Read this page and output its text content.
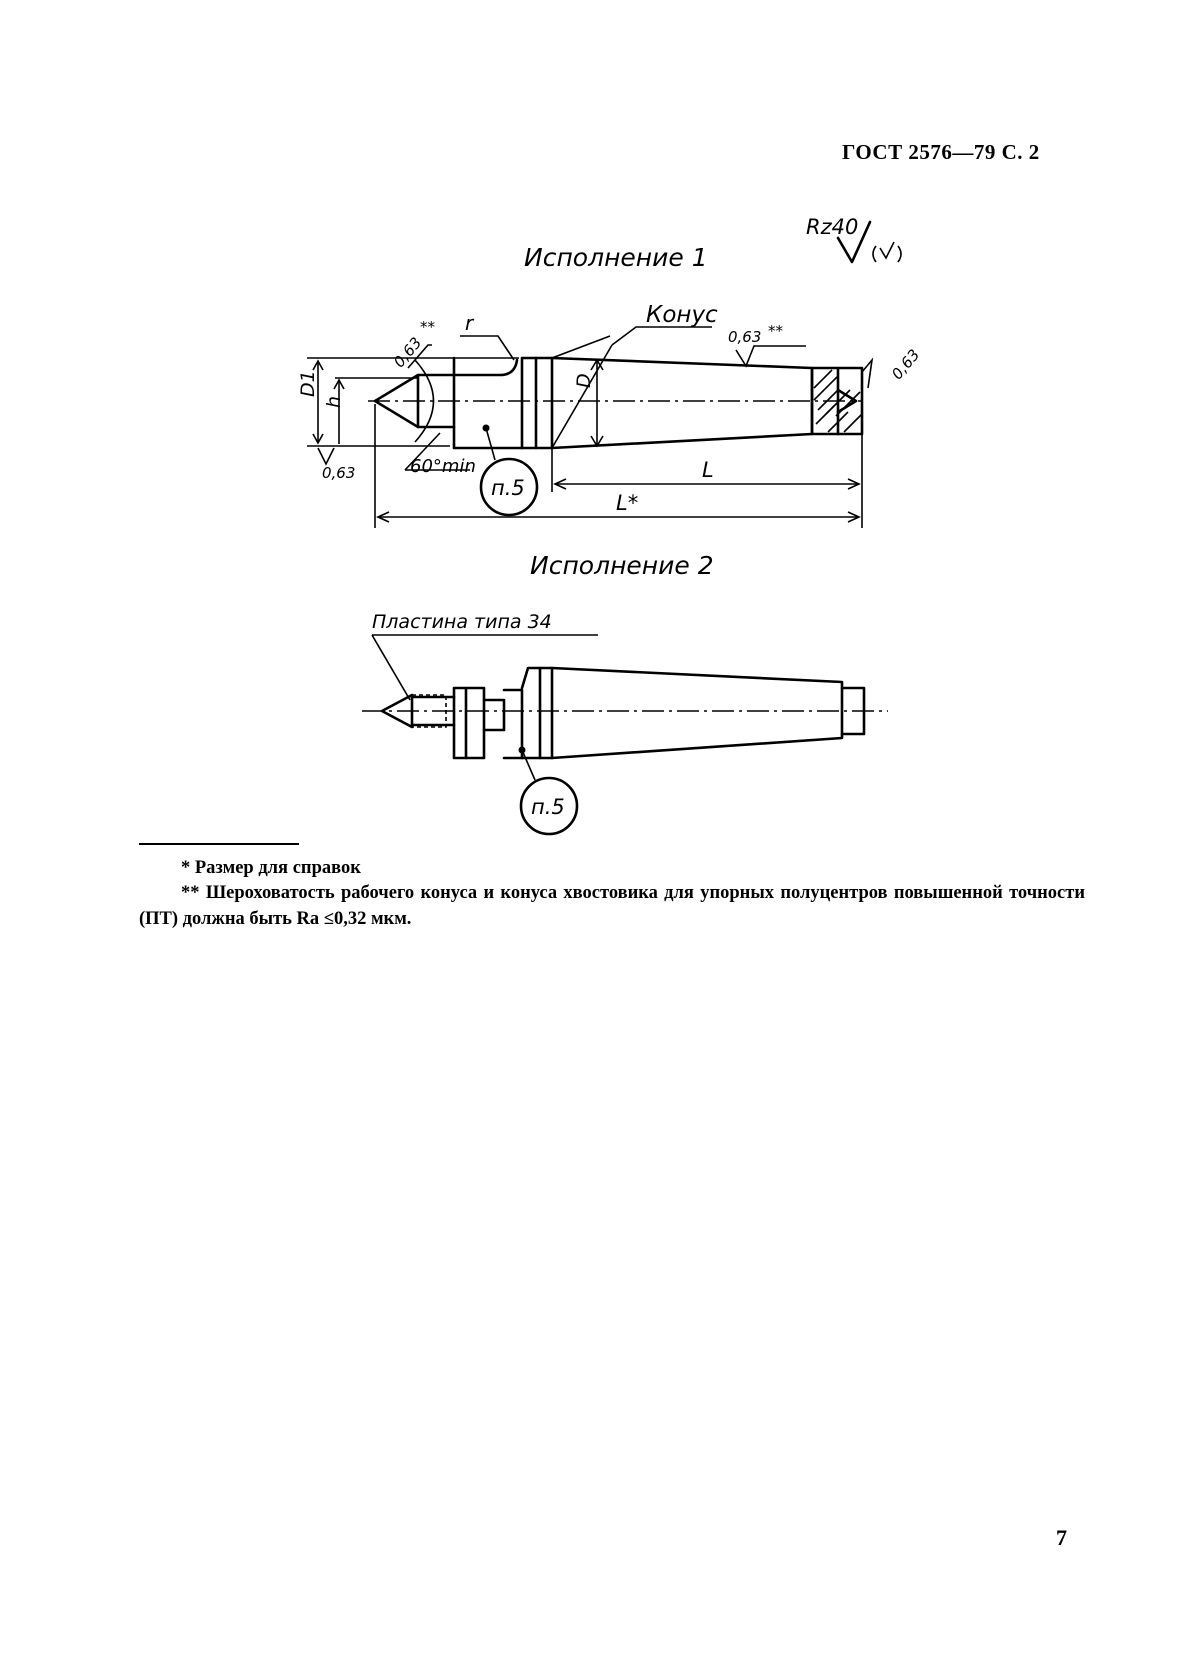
ГОСТ 2576—79 С. 2
Исполнение 1
Rz40
Конус
r
0,63 **
0,63
**
0,63
0,63
D1
h
D
60°min
п.5
L
L*
(√)
Исполнение 2
Пластина типа 34
п.5
* Размер для справок
** Шероховатость рабочего конуса и конуса хвостовика для упорных полуцентров повышенной точности (ПТ) должна быть Ra ≤0,32 мкм.
7
